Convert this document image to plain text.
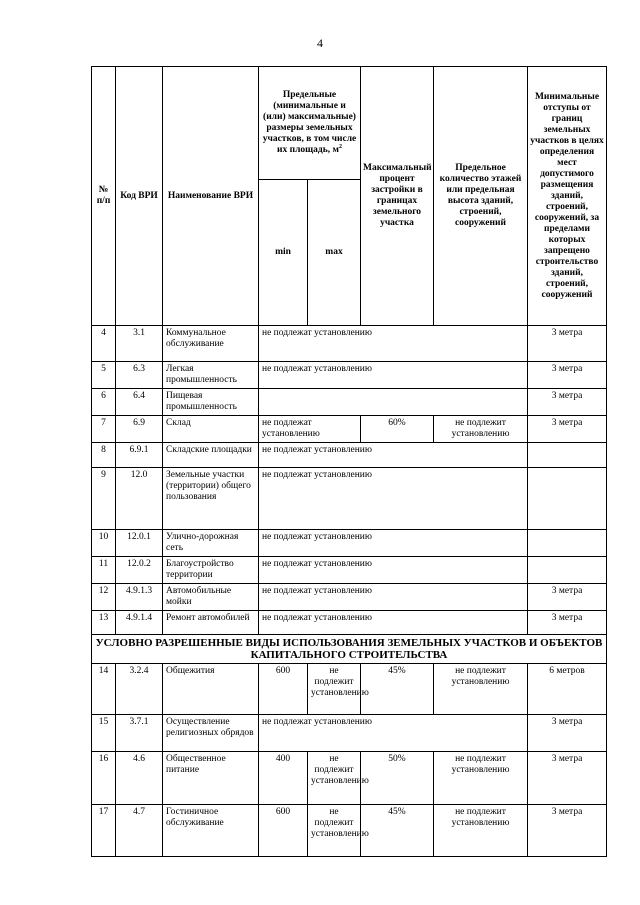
4
№ п/п	Код ВРИ	Наименование ВРИ	Предельные (минимальные и (или) максимальные) размеры земельных участков, в том числе их площадь, $м^2$		Максимальный процент застройки в границах земельного участка	Предельное количество этажей или предельная высота зданий, строений, сооружений	Минимальные отступы от границ земельных участков в целях определения мест допустимого размещения зданий, строений, сооружений, за пределами которых запрещено строительство зданий, строений, сооружений
			min	max			
4	3.1	Коммунальное обслуживание	не подлежат установлению				3 метра
5	6.3	Легкая промышленность	не подлежат установлению				3 метра
6	6.4	Пищевая промышленность					3 метра
7	6.9	Склад	не подлежат установлению		60%	не подлежит установлению	3 метра
8	6.9.1	Складские площадки	не подлежат установлению				
9	12.0	Земельные участки (территории) общего пользования	не подлежат установлению				
10	12.0.1	Улично-дорожная сеть	не подлежат установлению				
11	12.0.2	Благоустройство территории	не подлежат установлению				
12	4.9.1.3	Автомобильные мойки	не подлежат установлению				3 метра
13	4.9.1.4	Ремонт автомобилей	не подлежат установлению				3 метра
УСЛОВНО РАЗРЕШЕННЫЕ ВИДЫ ИСПОЛЬЗОВАНИЯ ЗЕМЕЛЬНЫХ УЧАСТКОВ И ОБЪЕКТОВ КАПИТАЛЬНОГО СТРОИТЕЛЬСТВА							
14	3.2.4	Общежития	600	не подлежит установлению	45%	не подлежит установлению	6 метров
15	3.7.1	Осуществление религиозных обрядов	не подлежат установлению				3 метра
16	4.6	Общественное питание	400	не подлежит установлению	50%	не подлежит установлению	3 метра
17	4.7	Гостиничное обслуживание	600	не подлежит установлению	45%	не подлежит установлению	3 метра
